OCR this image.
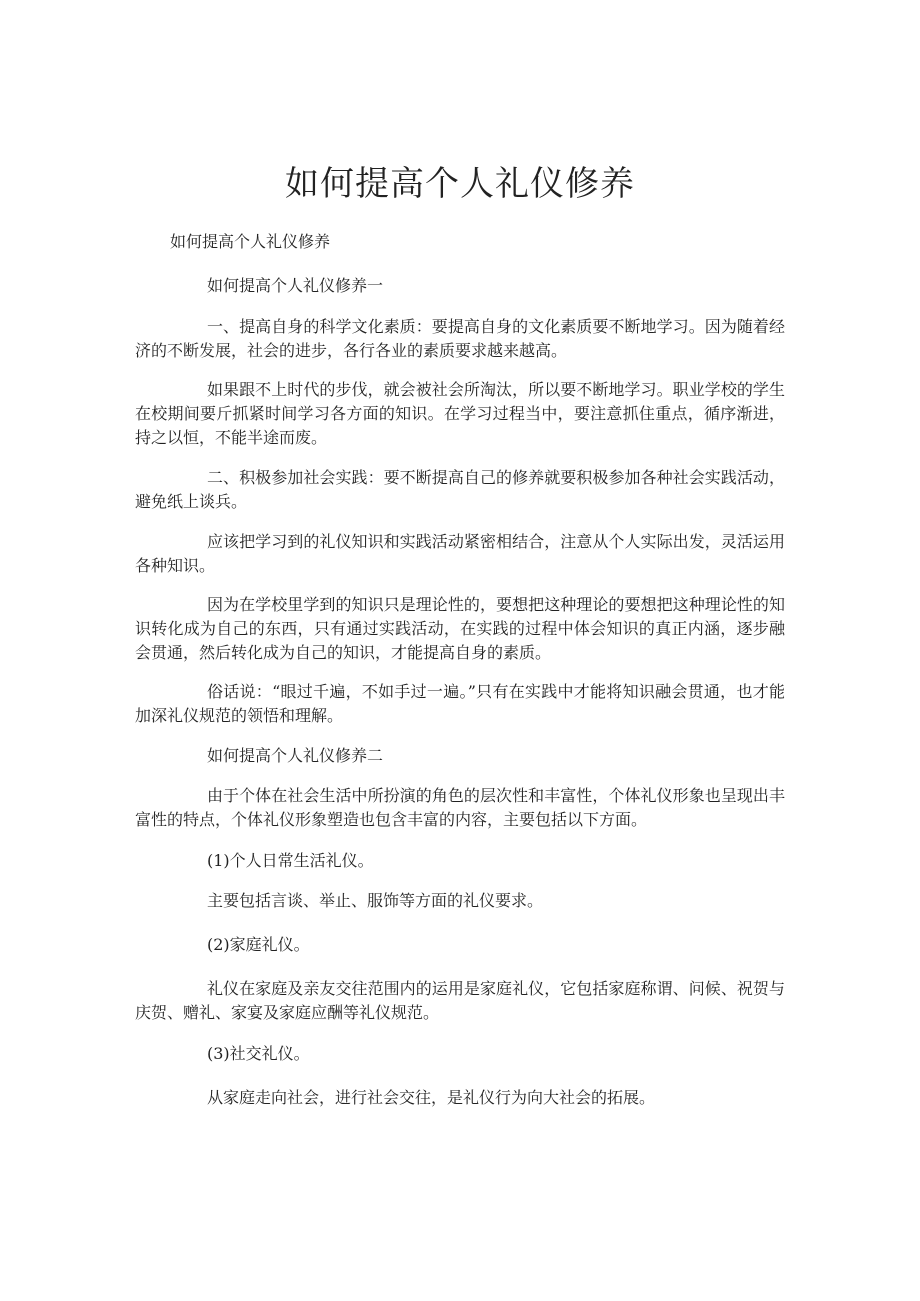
如何提高个人礼仪修养

如何提高个人礼仪修养

如何提高个人礼仪修养一

一、提高自身的科学文化素质：要提高自身的文化素质要不断地学习。因为随着经济的不断发展，社会的进步，各行各业的素质要求越来越高。

如果跟不上时代的步伐，就会被社会所淘汰，所以要不断地学习。职业学校的学生在校期间要斤抓紧时间学习各方面的知识。在学习过程当中，要注意抓住重点，循序渐进，持之以恒，不能半途而废。

二、积极参加社会实践：要不断提高自己的修养就要积极参加各种社会实践活动，避免纸上谈兵。

应该把学习到的礼仪知识和实践活动紧密相结合，注意从个人实际出发，灵活运用各种知识。

因为在学校里学到的知识只是理论性的，要想把这种理论的要想把这种理论性的知识转化成为自己的东西，只有通过实践活动，在实践的过程中体会知识的真正内涵，逐步融会贯通，然后转化成为自己的知识，才能提高自身的素质。

俗话说：“眼过千遍，不如手过一遍。”只有在实践中才能将知识融会贯通，也才能加深礼仪规范的领悟和理解。

如何提高个人礼仪修养二

由于个体在社会生活中所扮演的角色的层次性和丰富性，个体礼仪形象也呈现出丰富性的特点，个体礼仪形象塑造也包含丰富的内容，主要包括以下方面。

(1)个人日常生活礼仪。

主要包括言谈、举止、服饰等方面的礼仪要求。

(2)家庭礼仪。

礼仪在家庭及亲友交往范围内的运用是家庭礼仪，它包括家庭称谓、问候、祝贺与庆贺、赠礼、家宴及家庭应酬等礼仪规范。

(3)社交礼仪。

从家庭走向社会，进行社会交往，是礼仪行为向大社会的拓展。
